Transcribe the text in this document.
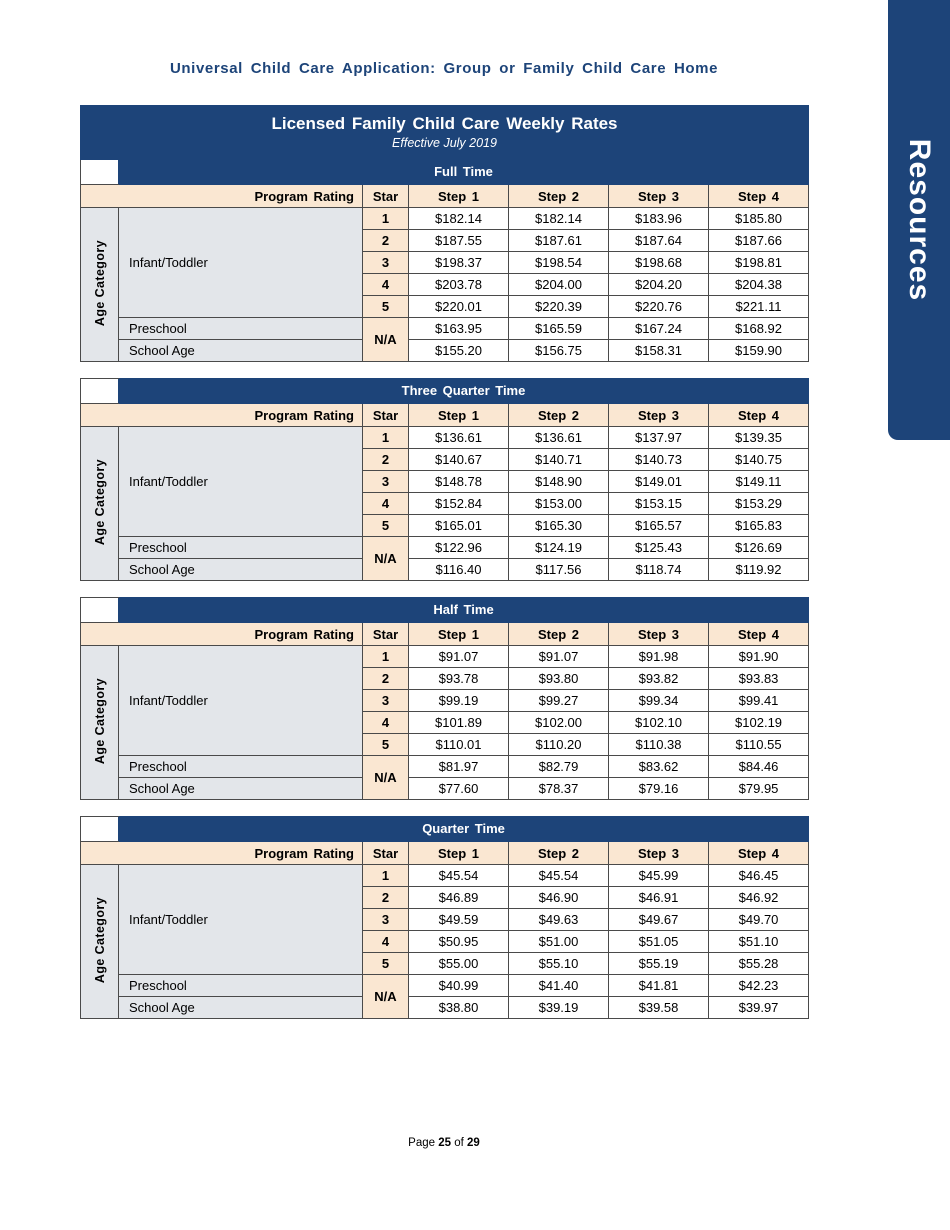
Universal Child Care Application: Group or Family Child Care Home
Licensed Family Child Care Weekly Rates
Effective July 2019						

	Full Time					
Program Rating		Star	Step 1	Step 2	Step 3	Step 4
Age Category	Infant/Toddler	1	$182.14	$182.14	$183.96	$185.80
		2	$187.55	$187.61	$187.64	$187.66
		3	$198.37	$198.54	$198.68	$198.81
		4	$203.78	$204.00	$204.20	$204.38
		5	$220.01	$220.39	$220.76	$221.11
	Preschool	N/A	$163.95	$165.59	$167.24	$168.92
	School Age		$155.20	$156.75	$158.31	$159.90
	Three Quarter Time					
Program Rating		Star	Step 1	Step 2	Step 3	Step 4
Age Category	Infant/Toddler	1	$136.61	$136.61	$137.97	$139.35
		2	$140.67	$140.71	$140.73	$140.75
		3	$148.78	$148.90	$149.01	$149.11
		4	$152.84	$153.00	$153.15	$153.29
		5	$165.01	$165.30	$165.57	$165.83
	Preschool	N/A	$122.96	$124.19	$125.43	$126.69
	School Age		$116.40	$117.56	$118.74	$119.92
	Half Time					
Program Rating		Star	Step 1	Step 2	Step 3	Step 4
Age Category	Infant/Toddler	1	$91.07	$91.07	$91.98	$91.90
		2	$93.78	$93.80	$93.82	$93.83
		3	$99.19	$99.27	$99.34	$99.41
		4	$101.89	$102.00	$102.10	$102.19
		5	$110.01	$110.20	$110.38	$110.55
	Preschool	N/A	$81.97	$82.79	$83.62	$84.46
	School Age		$77.60	$78.37	$79.16	$79.95
	Quarter Time					
Program Rating		Star	Step 1	Step 2	Step 3	Step 4
Age Category	Infant/Toddler	1	$45.54	$45.54	$45.99	$46.45
		2	$46.89	$46.90	$46.91	$46.92
		3	$49.59	$49.63	$49.67	$49.70
		4	$50.95	$51.00	$51.05	$51.10
		5	$55.00	$55.10	$55.19	$55.28
	Preschool	N/A	$40.99	$41.40	$41.81	$42.23
	School Age		$38.80	$39.19	$39.58	$39.97
Page 25 of 29
Resources
